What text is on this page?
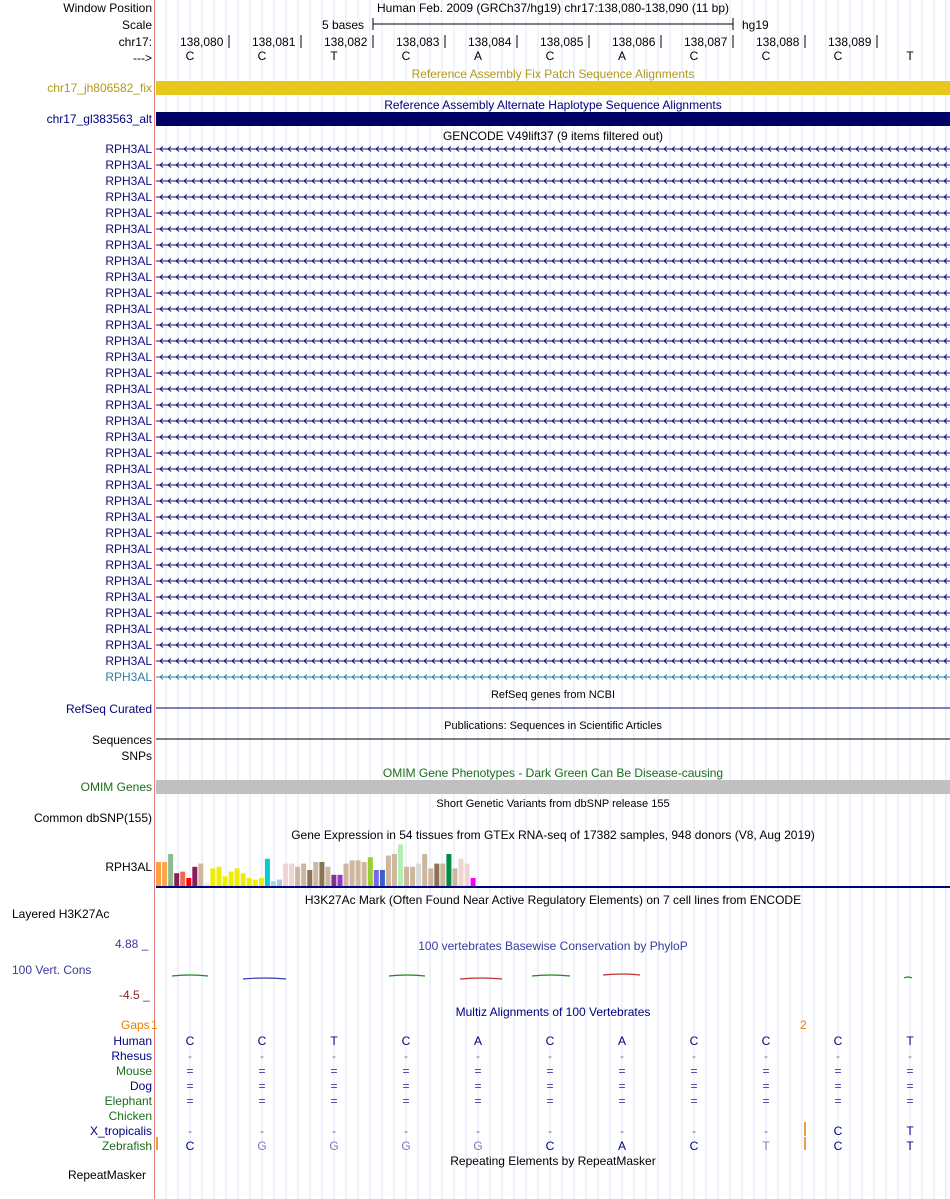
Window Position
Scale
chr17:
--->
Human Feb. 2009 (GRCh37/hg19) chr17:138,080-138,090 (11 bp)
5 bases	hg19
138,080 138,081 138,082 138,083 138,084 138,085 138,086 138,087 138,088 138,089
C	C	T	C	A	C	A	C	C	C	T
Reference Assembly Fix Patch Sequence Alignments
chr17_jh806582_fix
Reference Assembly Alternate Haplotype Sequence Alignments
chr17_gl383563_alt
GENCODE V49lift37 (9 items filtered out)
RPH3AL
RPH3AL
RPH3AL
RPH3AL
RPH3AL
RPH3AL
RPH3AL
RPH3AL
RPH3AL
RPH3AL
RPH3AL
RPH3AL
RPH3AL
RPH3AL
RPH3AL
RPH3AL
RPH3AL
RPH3AL
RPH3AL
RPH3AL
RPH3AL
RPH3AL
RPH3AL
RPH3AL
RPH3AL
RPH3AL
RPH3AL
RPH3AL
RPH3AL
RPH3AL
RPH3AL
RPH3AL
RPH3AL
RPH3AL
RefSeq genes from NCBI
RefSeq Curated
Publications: Sequences in Scientific Articles
Sequences
SNPs
OMIM Gene Phenotypes - Dark Green Can Be Disease-causing
OMIM Genes
Short Genetic Variants from dbSNP release 155
Common dbSNP(155)
Gene Expression in 54 tissues from GTEx RNA-seq of 17382 samples, 948 donors (V8, Aug 2019)
RPH3AL
H3K27Ac Mark (Often Found Near Active Regulatory Elements) on 7 cell lines from ENCODE
Layered H3K27Ac
100 vertebrates Basewise Conservation by PhyloP
4.88 _
100 Vert. Cons
-4.5 _
Multiz Alignments of 100 Vertebrates
Gaps 1	2
Human	C	C	T	C	A	C	A	C	C	C	T
Rhesus	-	-	-	-	-	-	-	-	-	-	-
Mouse	=	=	=	=	=	=	=	=	=	=	=
Dog	=	=	=	=	=	=	=	=	=	=	=
Elephant	=	=	=	=	=	=	=	=	=	=	=
Chicken
X_tropicalis	-	-	-	-	-	-	-	-	-	C	T
Zebrafish	C	G	G	G	G	C	A	C	T	C	T
Repeating Elements by RepeatMasker
RepeatMasker
